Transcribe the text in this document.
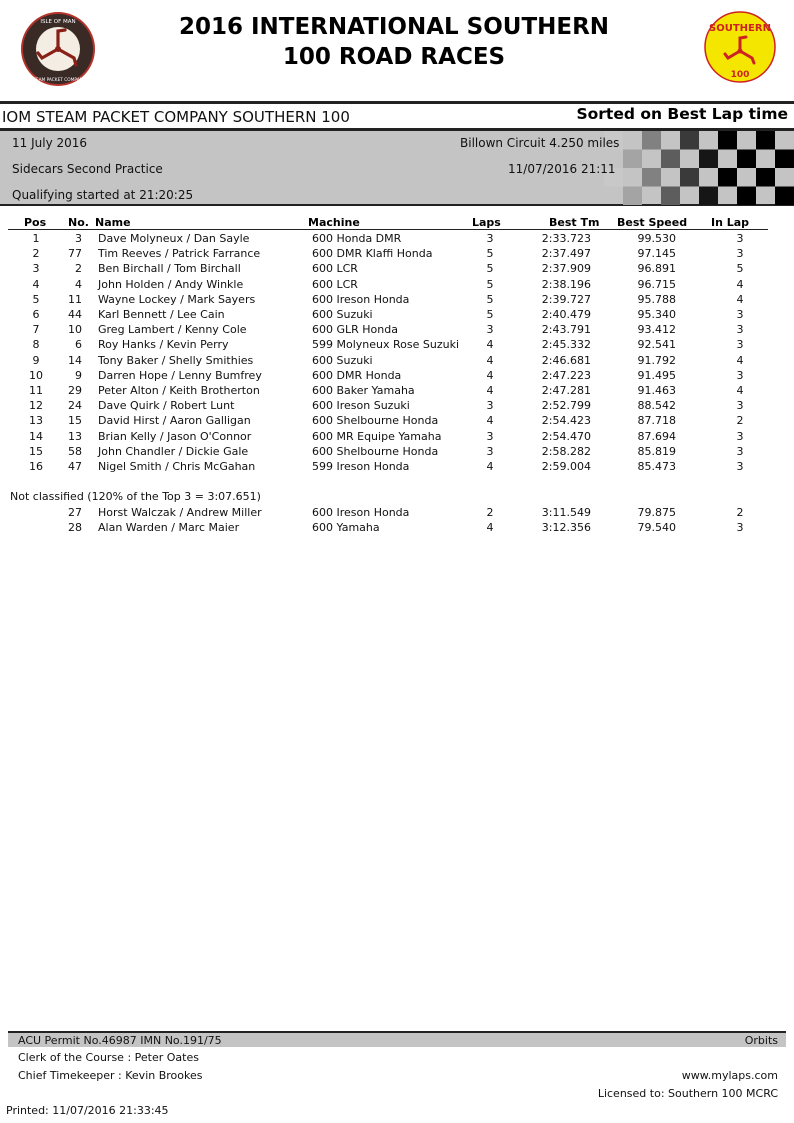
ISLE OF MAN
STEAM PACKET COMPANY
2016 INTERNATIONAL SOUTHERN
100 ROAD RACES
SOUTHERN
100
IOM STEAM PACKET COMPANY SOUTHERN 100	Sorted on Best Lap time
11 July 2016	Billown Circuit 4.250 miles
Sidecars Second Practice	11/07/2016 21:11
Qualifying started at 21:20:25
Pos No. Name	Machine	Laps	Best Tm Best Speed In Lap
1	3 Dave Molyneux / Dan Sayle	600 Honda DMR	3	2:33.723	99.530	3
2	77 Tim Reeves / Patrick Farrance	600 DMR Klaffi Honda	5	2:37.497	97.145	3
3	2 Ben Birchall / Tom Birchall	600 LCR	5	2:37.909	96.891	5
4	4 John Holden / Andy Winkle	600 LCR	5	2:38.196	96.715	4
5	11 Wayne Lockey / Mark Sayers	600 Ireson Honda	5	2:39.727	95.788	4
6	44 Karl Bennett / Lee Cain	600 Suzuki	5	2:40.479	95.340	3
7	10 Greg Lambert / Kenny Cole	600 GLR Honda	3	2:43.791	93.412	3
8	6 Roy Hanks / Kevin Perry	599 Molyneux Rose Suzuki	4	2:45.332	92.541	3
9	14 Tony Baker / Shelly Smithies	600 Suzuki	4	2:46.681	91.792	4
10	9 Darren Hope / Lenny Bumfrey	600 DMR Honda	4	2:47.223	91.495	3
11	29 Peter Alton / Keith Brotherton	600 Baker Yamaha	4	2:47.281	91.463	4
12	24 Dave Quirk / Robert Lunt	600 Ireson Suzuki	3	2:52.799	88.542	3
13	15 David Hirst / Aaron Galligan	600 Shelbourne Honda	4	2:54.423	87.718	2
14	13 Brian Kelly / Jason O'Connor	600 MR Equipe Yamaha	3	2:54.470	87.694	3
15	58 John Chandler / Dickie Gale	600 Shelbourne Honda	3	2:58.282	85.819	3
16	47 Nigel Smith / Chris McGahan	599 Ireson Honda	4	2:59.004	85.473	3
Not classified (120% of the Top 3 = 3:07.651)
27 Horst Walczak / Andrew Miller	600 Ireson Honda	2	3:11.549	79.875	2
28 Alan Warden / Marc Maier	600 Yamaha	4	3:12.356	79.540	3
ACU Permit No.46987 IMN No.191/75	Orbits
Clerk of the Course : Peter Oates
Chief Timekeeper : Kevin Brookes	www.mylaps.com
Licensed to: Southern 100 MCRC
Printed: 11/07/2016 21:33:45
